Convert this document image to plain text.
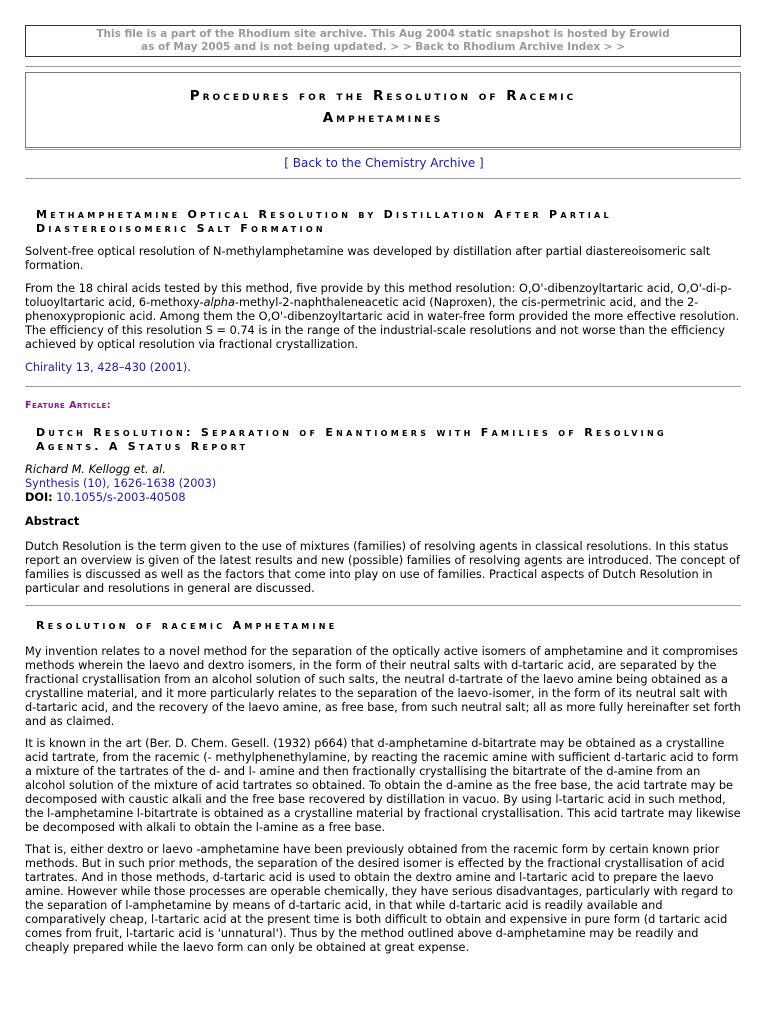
This file is a part of the Rhodium site archive. This Aug 2004 static snapshot is hosted by Erowid
as of May 2005 and is not being updated. > > Back to Rhodium Archive Index > >
Procedures for the Resolution of Racemic
Amphetamines
[ Back to the Chemistry Archive ]
Methamphetamine Optical Resolution by Distillation After Partial Diastereoisomeric Salt Formation
Solvent-free optical resolution of N-methylamphetamine was developed by distillation after partial diastereoisomeric salt formation.
From the 18 chiral acids tested by this method, five provide by this method resolution: O,O'-dibenzoyltartaric acid, O,O'-di-p-toluoyltartaric acid, 6-methoxy-alpha-methyl-2-naphthaleneacetic acid (Naproxen), the cis-permetrinic acid, and the 2-phenoxypropionic acid. Among them the O,O'-dibenzoyltartaric acid in water-free form provided the more effective resolution. The efficiency of this resolution S = 0.74 is in the range of the industrial-scale resolutions and not worse than the efficiency achieved by optical resolution via fractional crystallization.
Chirality 13, 428–430 (2001).
Feature Article:
Dutch Resolution: Separation of Enantiomers with Families of Resolving Agents. A Status Report
Richard M. Kellogg et. al.
Synthesis (10), 1626-1638 (2003)
DOI: 10.1055/s-2003-40508
Abstract
Dutch Resolution is the term given to the use of mixtures (families) of resolving agents in classical resolutions. In this status report an overview is given of the latest results and new (possible) families of resolving agents are introduced. The concept of families is discussed as well as the factors that come into play on use of families. Practical aspects of Dutch Resolution in particular and resolutions in general are discussed.
Resolution of racemic Amphetamine
My invention relates to a novel method for the separation of the optically active isomers of amphetamine and it compromises methods wherein the laevo and dextro isomers, in the form of their neutral salts with d-tartaric acid, are separated by the fractional crystallisation from an alcohol solution of such salts, the neutral d-tartrate of the laevo amine being obtained as a crystalline material, and it more particularly relates to the separation of the laevo-isomer, in the form of its neutral salt with d-tartaric acid, and the recovery of the laevo amine, as free base, from such neutral salt; all as more fully hereinafter set forth and as claimed.
It is known in the art (Ber. D. Chem. Gesell. (1932) p664) that d-amphetamine d-bitartrate may be obtained as a crystalline acid tartrate, from the racemic (- methylphenethylamine, by reacting the racemic amine with sufficient d-tartaric acid to form a mixture of the tartrates of the d- and l- amine and then fractionally crystallising the bitartrate of the d-amine from an alcohol solution of the mixture of acid tartrates so obtained. To obtain the d-amine as the free base, the acid tartrate may be decomposed with caustic alkali and the free base recovered by distillation in vacuo. By using l-tartaric acid in such method, the l-amphetamine l-bitartrate is obtained as a crystalline material by fractional crystallisation. This acid tartrate may likewise be decomposed with alkali to obtain the l-amine as a free base.
That is, either dextro or laevo -amphetamine have been previously obtained from the racemic form by certain known prior methods. But in such prior methods, the separation of the desired isomer is effected by the fractional crystallisation of acid tartrates. And in those methods, d-tartaric acid is used to obtain the dextro amine and l-tartaric acid to prepare the laevo amine. However while those processes are operable chemically, they have serious disadvantages, particularly with regard to the separation of l-amphetamine by means of d-tartaric acid, in that while d-tartaric acid is readily available and comparatively cheap, l-tartaric acid at the present time is both difficult to obtain and expensive in pure form (d tartaric acid comes from fruit, l-tartaric acid is 'unnatural'). Thus by the method outlined above d-amphetamine may be readily and cheaply prepared while the laevo form can only be obtained at great expense.
